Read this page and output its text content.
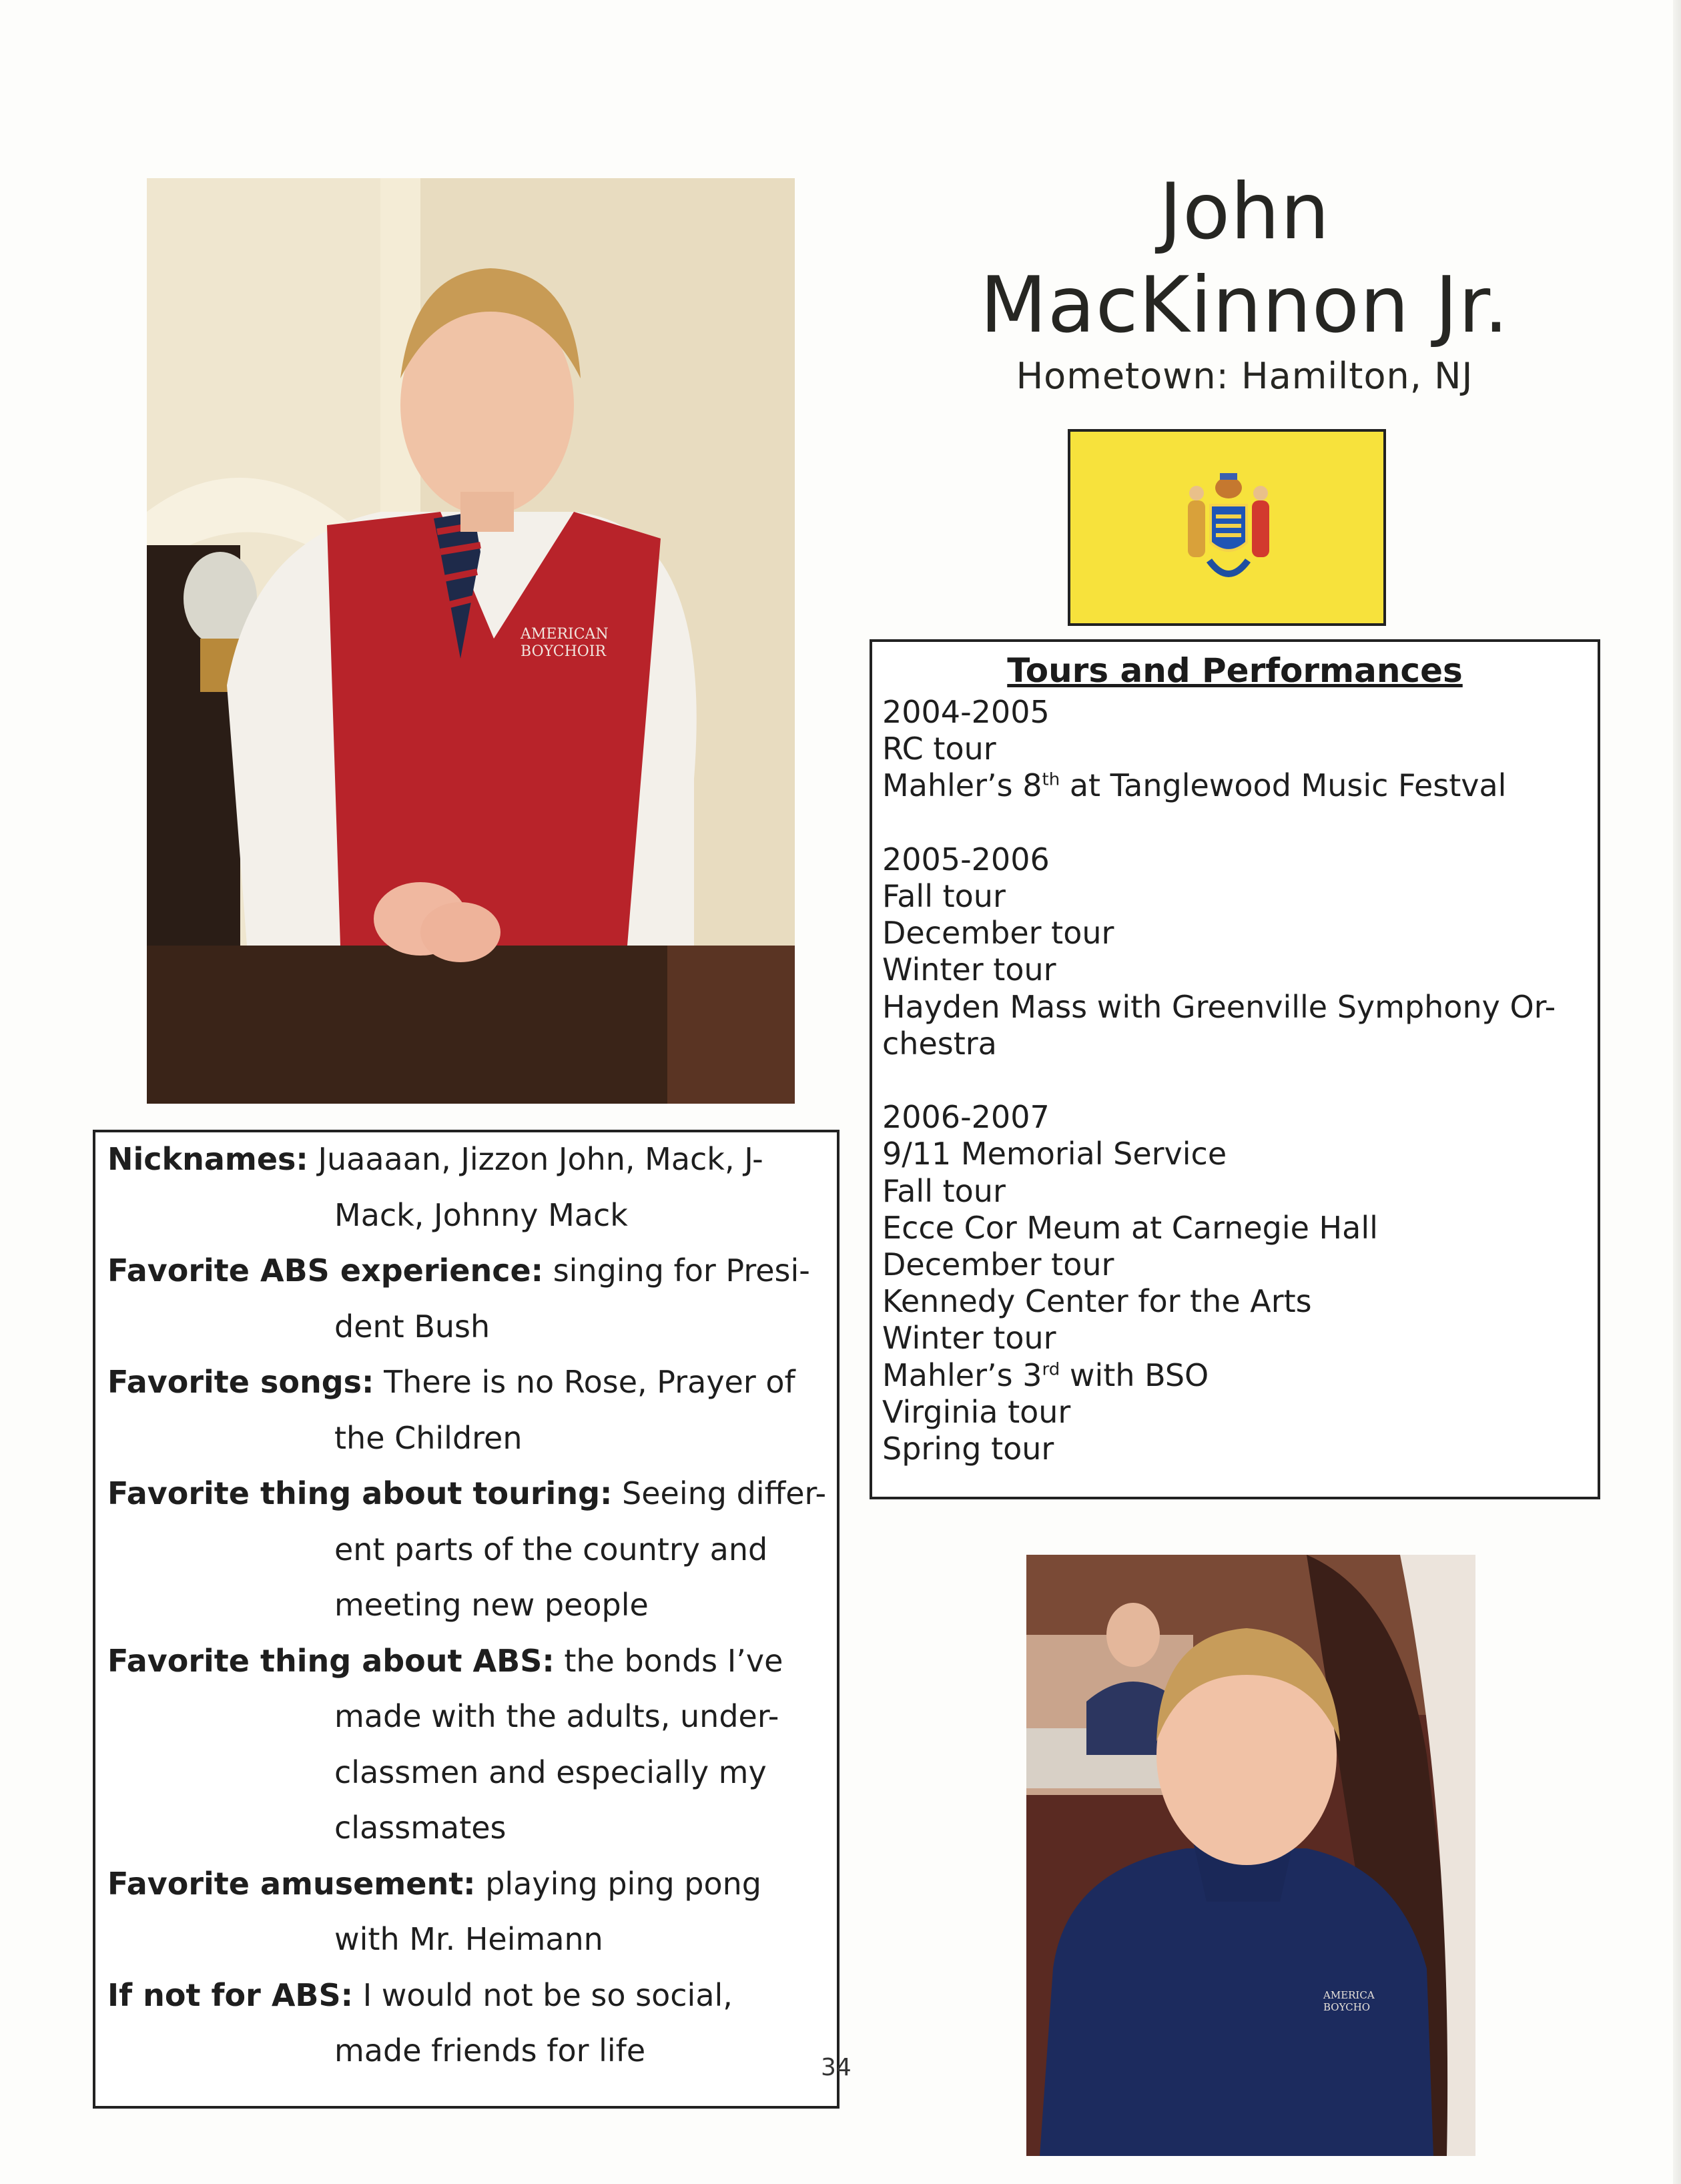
AMERICAN
BOYCHOIR
John
MacKinnon Jr.
Hometown: Hamilton, NJ
Tours and Performances
2004-2005
RC tour
Mahler’s 8th at Tanglewood Music Festval
2005-2006
Fall tour
December tour
Winter tour
Hayden Mass with Greenville Symphony Or-
chestra
2006-2007
9/11 Memorial Service
Fall tour
Ecce Cor Meum at Carnegie Hall
December tour
Kennedy Center for the Arts
Winter tour
Mahler’s 3rd with BSO
Virginia tour
Spring tour
Nicknames: Juaaaan, Jizzon John, Mack, J-
Mack, Johnny Mack
Favorite ABS experience: singing for Presi-
dent Bush
Favorite songs: There is no Rose, Prayer of
the Children
Favorite thing about touring: Seeing differ-
ent parts of the country and
meeting new people
Favorite thing about ABS: the bonds I’ve
made with the adults, under-
classmen and especially my
classmates
Favorite amusement: playing ping pong
with Mr. Heimann
If not for ABS: I would not be so social,
made friends for life
AMERICA
BOYCHO
34
